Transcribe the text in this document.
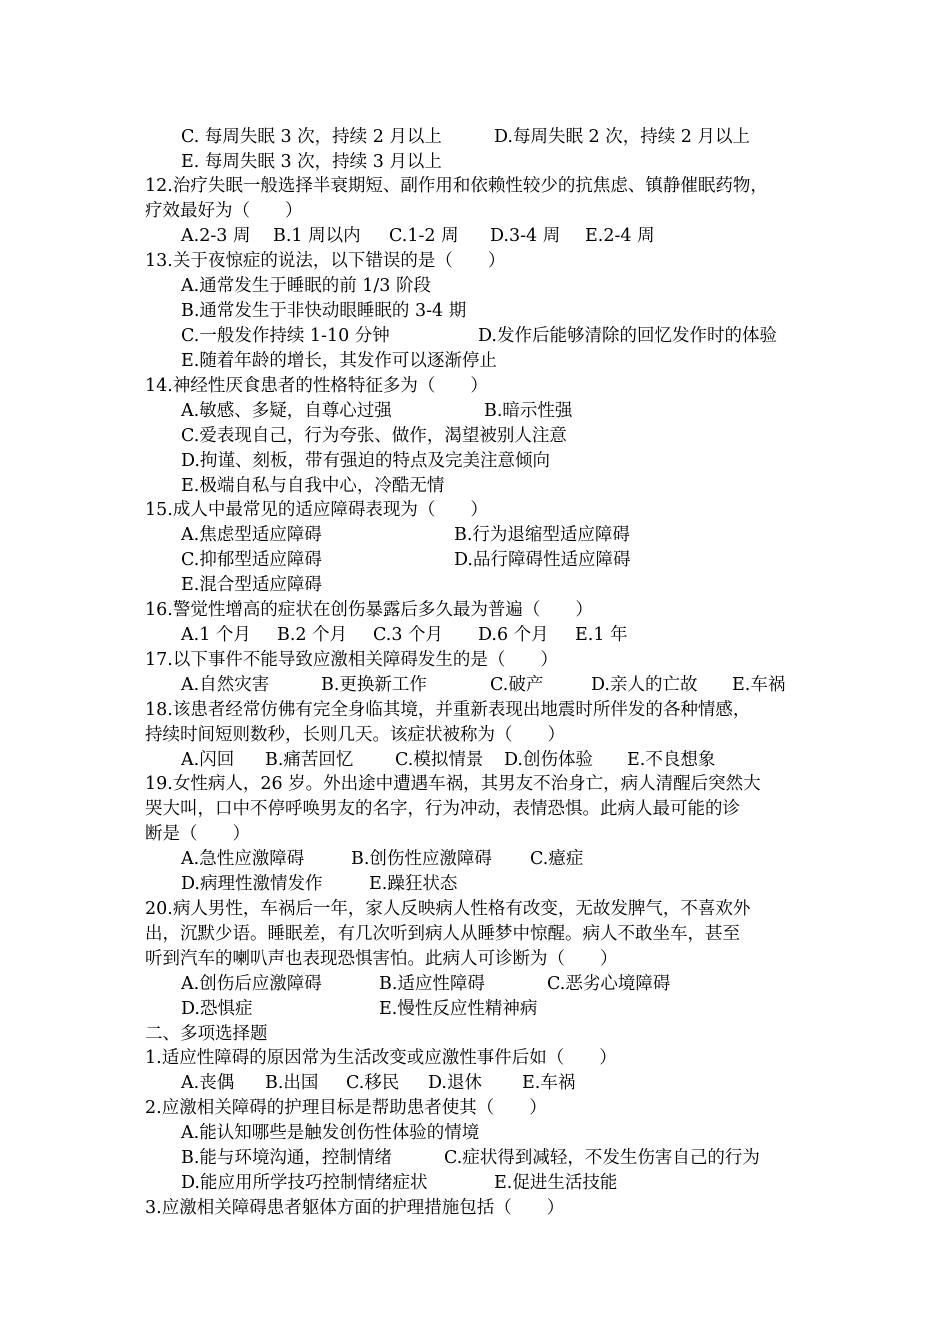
C. 每周失眠 3 次，持续 2 月以上	D.每周失眠 2 次，持续 2 月以上
E. 每周失眠 3 次，持续 3 月以上
12.治疗失眠一般选择半衰期短、副作用和依赖性较少的抗焦虑、镇静催眠药物，
疗效最好为（　　）
A.2-3 周 B.1 周以内 C.1-2 周 D.3-4 周 E.2-4 周
13.关于夜惊症的说法，以下错误的是（　　）
A.通常发生于睡眠的前 1/3 阶段
B.通常发生于非快动眼睡眠的 3-4 期
C.一般发作持续 1-10 分钟	D.发作后能够清除的回忆发作时的体验
E.随着年龄的增长，其发作可以逐渐停止
14.神经性厌食患者的性格特征多为（　　）
A.敏感、多疑，自尊心过强	B.暗示性强
C.爱表现自己，行为夸张、做作，渴望被别人注意
D.拘谨、刻板，带有强迫的特点及完美注意倾向
E.极端自私与自我中心，冷酷无情
15.成人中最常见的适应障碍表现为（　　）
A.焦虑型适应障碍	B.行为退缩型适应障碍
C.抑郁型适应障碍	D.品行障碍性适应障碍
E.混合型适应障碍
16.警觉性增高的症状在创伤暴露后多久最为普遍（　　）
A.1 个月 B.2 个月 C.3 个月 D.6 个月 E.1 年
17.以下事件不能导致应激相关障碍发生的是（　　）
A.自然灾害	B.更换新工作	C.破产	D.亲人的亡故 E.车祸
18.该患者经常仿佛有完全身临其境，并重新表现出地震时所伴发的各种情感，
持续时间短则数秒，长则几天。该症状被称为（　　）
A.闪回 B.痛苦回忆 C.模拟情景 D.创伤体验 E.不良想象
19.女性病人，26 岁。外出途中遭遇车祸，其男友不治身亡，病人清醒后突然大
哭大叫，口中不停呼唤男友的名字，行为冲动，表情恐惧。此病人最可能的诊
断是（　　）
A.急性应激障碍	B.创伤性应激障碍 C.癔症
D.病理性激情发作	E.躁狂状态
20.病人男性，车祸后一年，家人反映病人性格有改变，无故发脾气，不喜欢外
出，沉默少语。睡眠差，有几次听到病人从睡梦中惊醒。病人不敢坐车，甚至
听到汽车的喇叭声也表现恐惧害怕。此病人可诊断为（　　）
A.创伤后应激障碍	B.适应性障碍	C.恶劣心境障碍
D.恐惧症	E.慢性反应性精神病
二、多项选择题
1.适应性障碍的原因常为生活改变或应激性事件后如（　　）
A.丧偶 B.出国 C.移民 D.退休 E.车祸
2.应激相关障碍的护理目标是帮助患者使其（　　）
A.能认知哪些是触发创伤性体验的情境
B.能与环境沟通，控制情绪	C.症状得到减轻，不发生伤害自己的行为
D.能应用所学技巧控制情绪症状	E.促进生活技能
3.应激相关障碍患者躯体方面的护理措施包括（　　）
